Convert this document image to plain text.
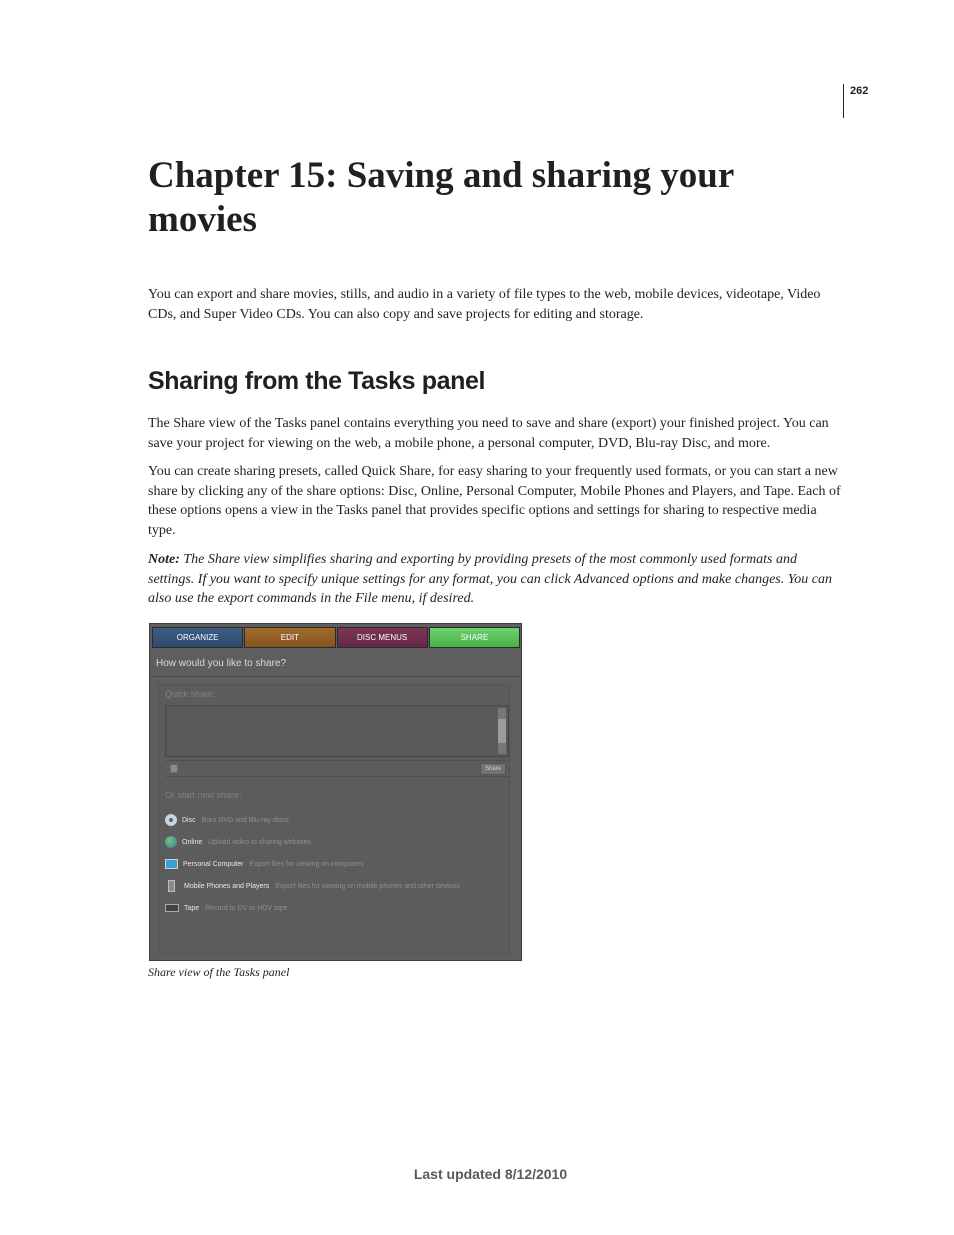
262
Chapter 15: Saving and sharing your movies

You can export and share movies, stills, and audio in a variety of file types to the web, mobile devices, videotape, Video CDs, and Super Video CDs. You can also copy and save projects for editing and storage.

Sharing from the Tasks panel

The Share view of the Tasks panel contains everything you need to save and share (export) your finished project. You can save your project for viewing on the web, a mobile phone, a personal computer, DVD, Blu-ray Disc, and more.

You can create sharing presets, called Quick Share, for easy sharing to your frequently used formats, or you can start a new share by clicking any of the share options: Disc, Online, Personal Computer, Mobile Phones and Players, and Tape. Each of these options opens a view in the Tasks panel that provides specific options and settings for sharing to respective media type.

Note: The Share view simplifies sharing and exporting by providing presets of the most commonly used formats and settings. If you want to specify unique settings for any format, you can click Advanced options and make changes. You can also use the export commands in the File menu, if desired.

ORGANIZE	EDIT	DISC MENUS	SHARE
How would you like to share?
Quick share:
Share
Or start new share:
Disc Burn DVD and Blu-ray discs
Online Upload video to sharing websites
Personal Computer Export files for viewing on computers
Mobile Phones and Players Export files for viewing on mobile phones and other devices
Tape Record to DV or HDV tape
Share view of the Tasks panel
Last updated 8/12/2010
